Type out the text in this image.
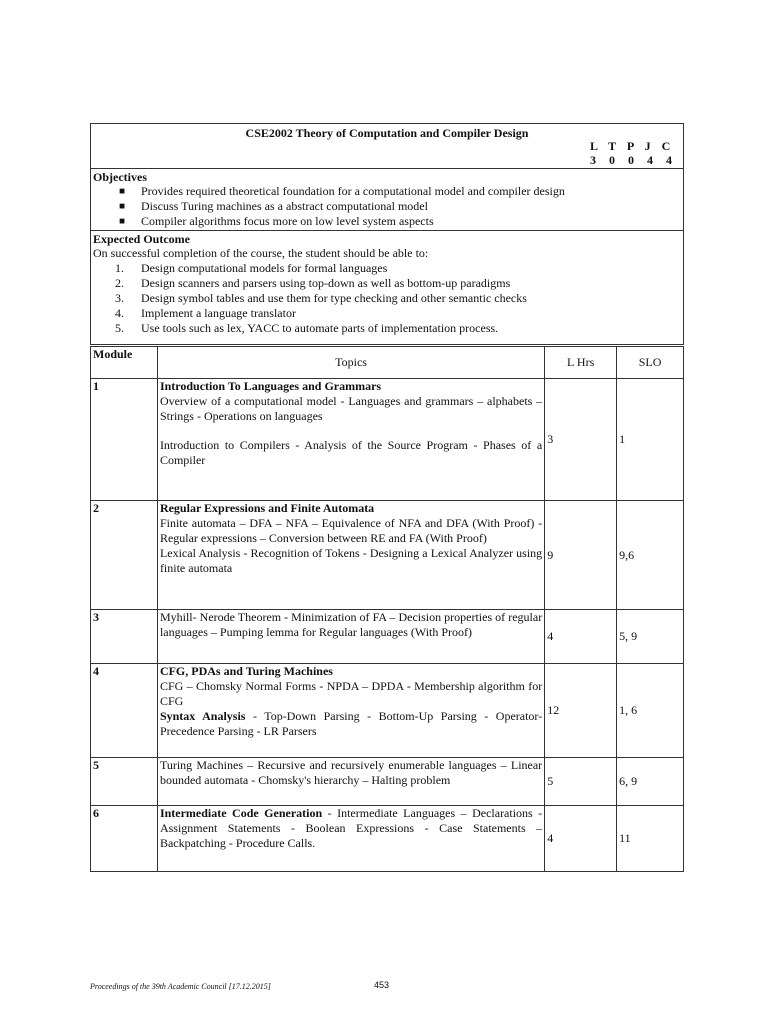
CSE2002 Theory of Computation and Compiler Design
L T P J C
3 0 0 4 4
Objectives
■ Provides required theoretical foundation for a computational model and compiler design
■ Discuss Turing machines as a abstract computational model
■ Compiler algorithms focus more on low level system aspects
Expected Outcome
On successful completion of the course, the student should be able to:
1. Design computational models for formal languages
2. Design scanners and parsers using top-down as well as bottom-up paradigms
3. Design symbol tables and use them for type checking and other semantic checks
4. Implement a language translator
5. Use tools such as lex, YACC to automate parts of implementation process.
Module	Topics	L Hrs	SLO
1	Introduction To Languages and Grammars
Overview of a computational model - Languages and grammars – alphabets – Strings - Operations on languages
Introduction to Compilers - Analysis of the Source Program - Phases of a Compiler	3	1
2	Regular Expressions and Finite Automata
Finite automata – DFA – NFA – Equivalence of NFA and DFA (With Proof) - Regular expressions – Conversion between RE and FA (With Proof)
Lexical Analysis - Recognition of Tokens - Designing a Lexical Analyzer using finite automata	9	9,6
3	Myhill- Nerode Theorem - Minimization of FA – Decision properties of regular languages – Pumping lemma for Regular languages (With Proof)	4	5, 9
4	CFG, PDAs and Turing Machines
CFG – Chomsky Normal Forms - NPDA – DPDA - Membership algorithm for CFG
Syntax Analysis - Top-Down Parsing - Bottom-Up Parsing - Operator-Precedence Parsing - LR Parsers	12	1, 6
5	Turing Machines – Recursive and recursively enumerable languages – Linear bounded automata - Chomsky's hierarchy – Halting problem	5	6, 9
6	Intermediate Code Generation - Intermediate Languages – Declarations - Assignment Statements - Boolean Expressions - Case Statements – Backpatching - Procedure Calls.	4	11
Proceedings of the 39th Academic Council [17.12.2015]	453
